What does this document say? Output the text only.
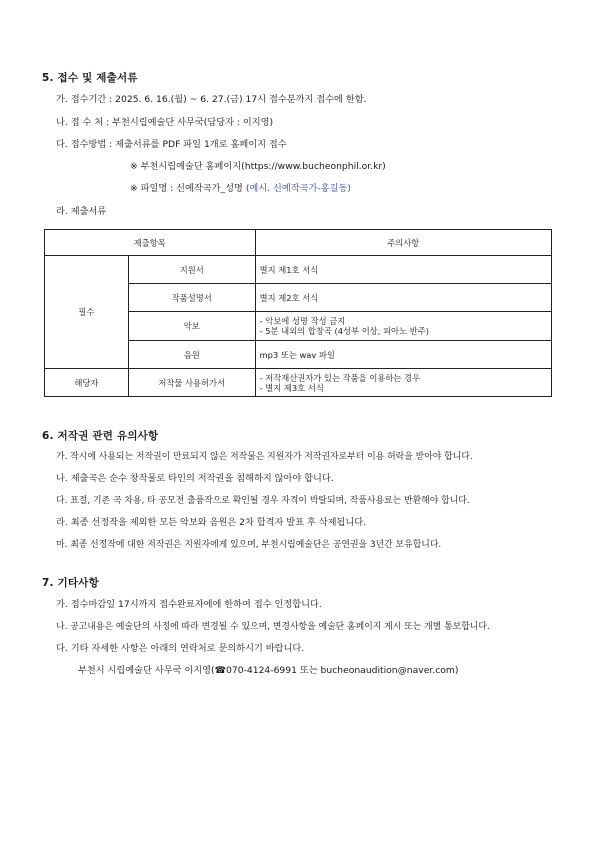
5. 접수 및 제출서류
가. 접수기간 : 2025. 6. 16.(월) ~ 6. 27.(금) 17시 접수분까지 접수에 한함.
나. 접 수 처 : 부천시립예술단 사무국(담당자 : 이지영)
다. 접수방법 : 제출서류를 PDF 파일 1개로 홈페이지 접수
※ 부천시립예술단 홈페이지(https://www.bucheonphil.or.kr)
※ 파일명 : 신예작곡가_성명 (예시. 신예작곡가-홍길동)
라. 제출서류
제출항목		주의사항
필수	지원서	별지 제1호 서식
	작품설명서	별지 제2호 서식
	악보	- 악보에 성명 작성 금지
- 5분 내외의 합창곡 (4성부 이상, 피아노 반주)

	음원	mp3 또는 wav 파일
해당자	저작물 사용허가서	- 저작재산권자가 있는 작품을 이용하는 경우
- 별지 제3호 서식
6. 저작권 관련 유의사항
가. 작시에 사용되는 저작권이 만료되지 않은 저작물은 지원자가 저작권자로부터 이용 허락을 받아야 합니다.
나. 제출곡은 순수 창작물로 타인의 저작권을 침해하지 않아야 합니다.
다. 표절, 기존 곡 차용, 타 공모전 출품작으로 확인될 경우 자격이 박탈되며, 작품사용료는 반환해야 합니다.
라. 최종 선정작을 제외한 모든 악보와 음원은 2차 합격자 발표 후 삭제됩니다.
마. 최종 선정작에 대한 저작권은 지원자에게 있으며, 부천시립예술단은 공연권을 3년간 보유합니다.
7. 기타사항
가. 접수마감일 17시까지 접수완료자에에 한하여 접수 인정합니다.
나. 공고내용은 예술단의 사정에 따라 변경될 수 있으며, 변경사항을 예술단 홈페이지 게시 또는 개별 통보합니다.
다. 기타 자세한 사항은 아래의 연락처로 문의하시기 바랍니다.
부천시 시립예술단 사무국 이지영(☎070-4124-6991 또는 bucheonaudition@naver.com)
